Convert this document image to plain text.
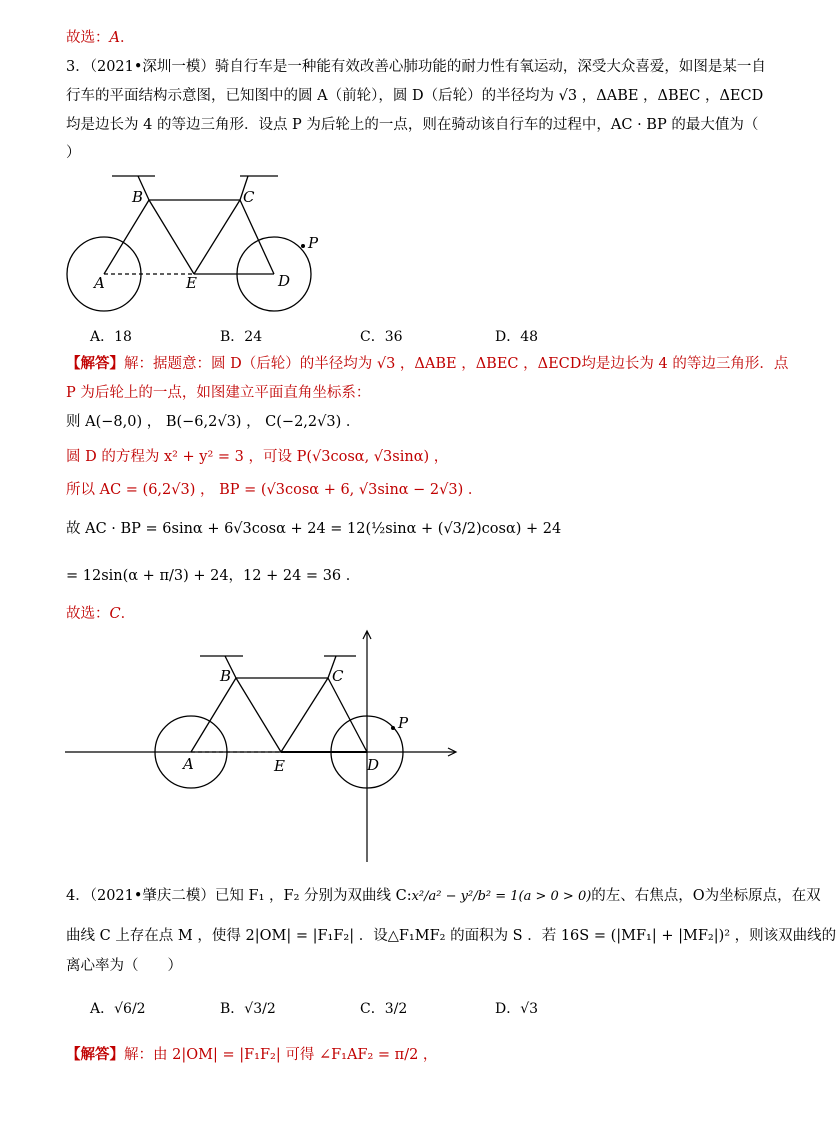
故选：A．
3．（2021•深圳一模）骑自行车是一种能有效改善心肺功能的耐力性有氧运动，深受大众喜爱，如图是某一自
行车的平面结构示意图，已知图中的圆 A（前轮），圆 D（后轮）的半径均为 √3 ，ΔABE ，ΔBEC ，ΔECD
均是边长为 4 的等边三角形．设点 P 为后轮上的一点，则在骑动该自行车的过程中，AC · BP 的最大值为（
）
B	C
A	E	D
P
A．18	B．24	C．36	D．48
【解答】解：据题意：圆 D（后轮）的半径均为 √3 ，ΔABE ，ΔBEC ，ΔECD均是边长为 4 的等边三角形．点
P 为后轮上的一点，如图建立平面直角坐标系：
则 A(−8,0) ， B(−6,2√3) ， C(−2,2√3) ．
圆 D 的方程为 x² + y² = 3 ，可设 P(√3cosα, √3sinα) ，
所以 AC = (6,2√3) ， BP = (√3cosα + 6, √3sinα − 2√3) ．
故 AC · BP = 6sinα + 6√3cosα + 24 = 12(½sinα + (√3/2)cosα) + 24
= 12sin(α + π/3) + 24，12 + 24 = 36 ．
故选：C．
B	C
A	E	D
P
4．（2021•肇庆二模）已知 F₁ ，F₂ 分别为双曲线 C:x²/a² − y²/b² = 1(a > 0 > 0)的左、右焦点，O为坐标原点，在双
曲线 C 上存在点 M ，使得 2|OM| = |F₁F₂| ．设△F₁MF₂ 的面积为 S ．若 16S = (|MF₁| + |MF₂|)² ，则该双曲线的
离心率为（　　）
A．√6/2	B．√3/2	C．3/2	D．√3
【解答】解：由 2|OM| = |F₁F₂| 可得 ∠F₁AF₂ = π/2 ，
